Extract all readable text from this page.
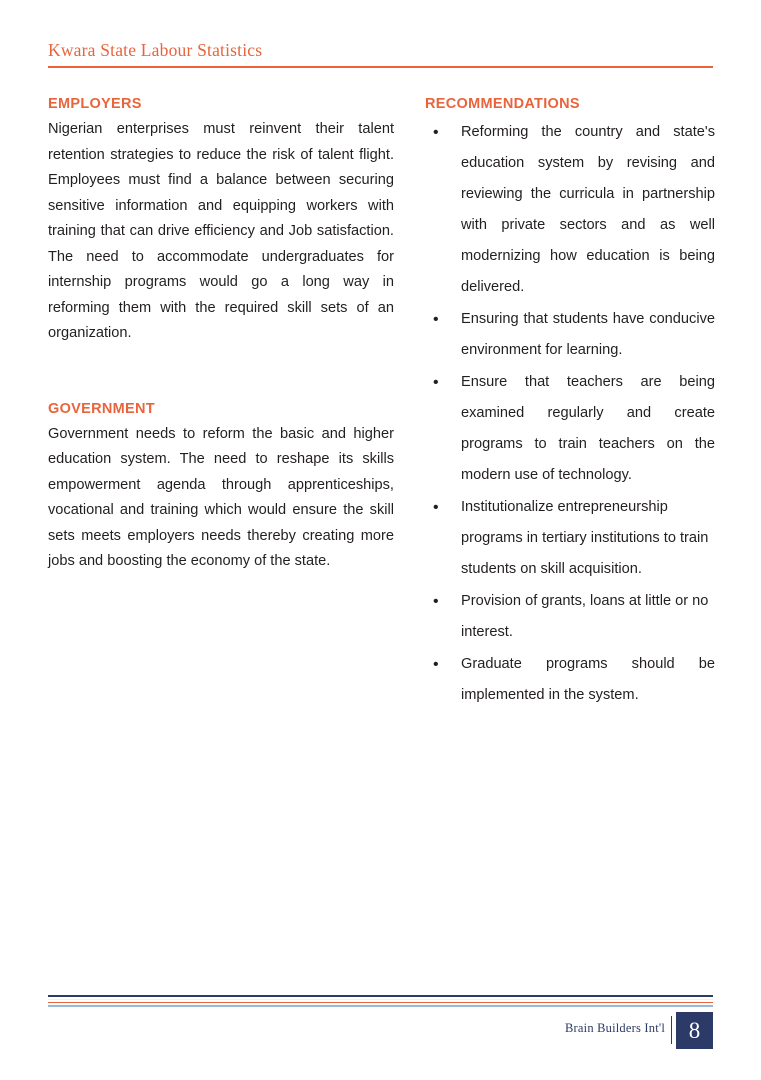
Kwara State Labour Statistics
EMPLOYERS

Nigerian enterprises must reinvent their talent retention strategies to reduce the risk of talent flight. Employees must find a balance between securing sensitive information and equipping workers with training that can drive efficiency and Job satisfaction. The need to accommodate undergraduates for internship programs would go a long way in reforming them with the required skill sets of an organization.

GOVERNMENT

Government needs to reform the basic and higher education system. The need to reshape its skills empowerment agenda through apprenticeships, vocational and training which would ensure the skill sets meets employers needs thereby creating more jobs and boosting the economy of the state.

RECOMMENDATIONS
• Reforming the country and state's education system by revising and reviewing the curricula in partnership with private sectors and as well modernizing how education is being delivered.
• Ensuring that students have conducive environment for learning.
• Ensure that teachers are being examined regularly and create programs to train teachers on the modern use of technology.
• Institutionalize entrepreneurship programs in tertiary institutions to train students on skill acquisition.
• Provision of grants, loans at little or no interest.
• Graduate programs should be implemented in the system.
Brain Builders Int'l	8
